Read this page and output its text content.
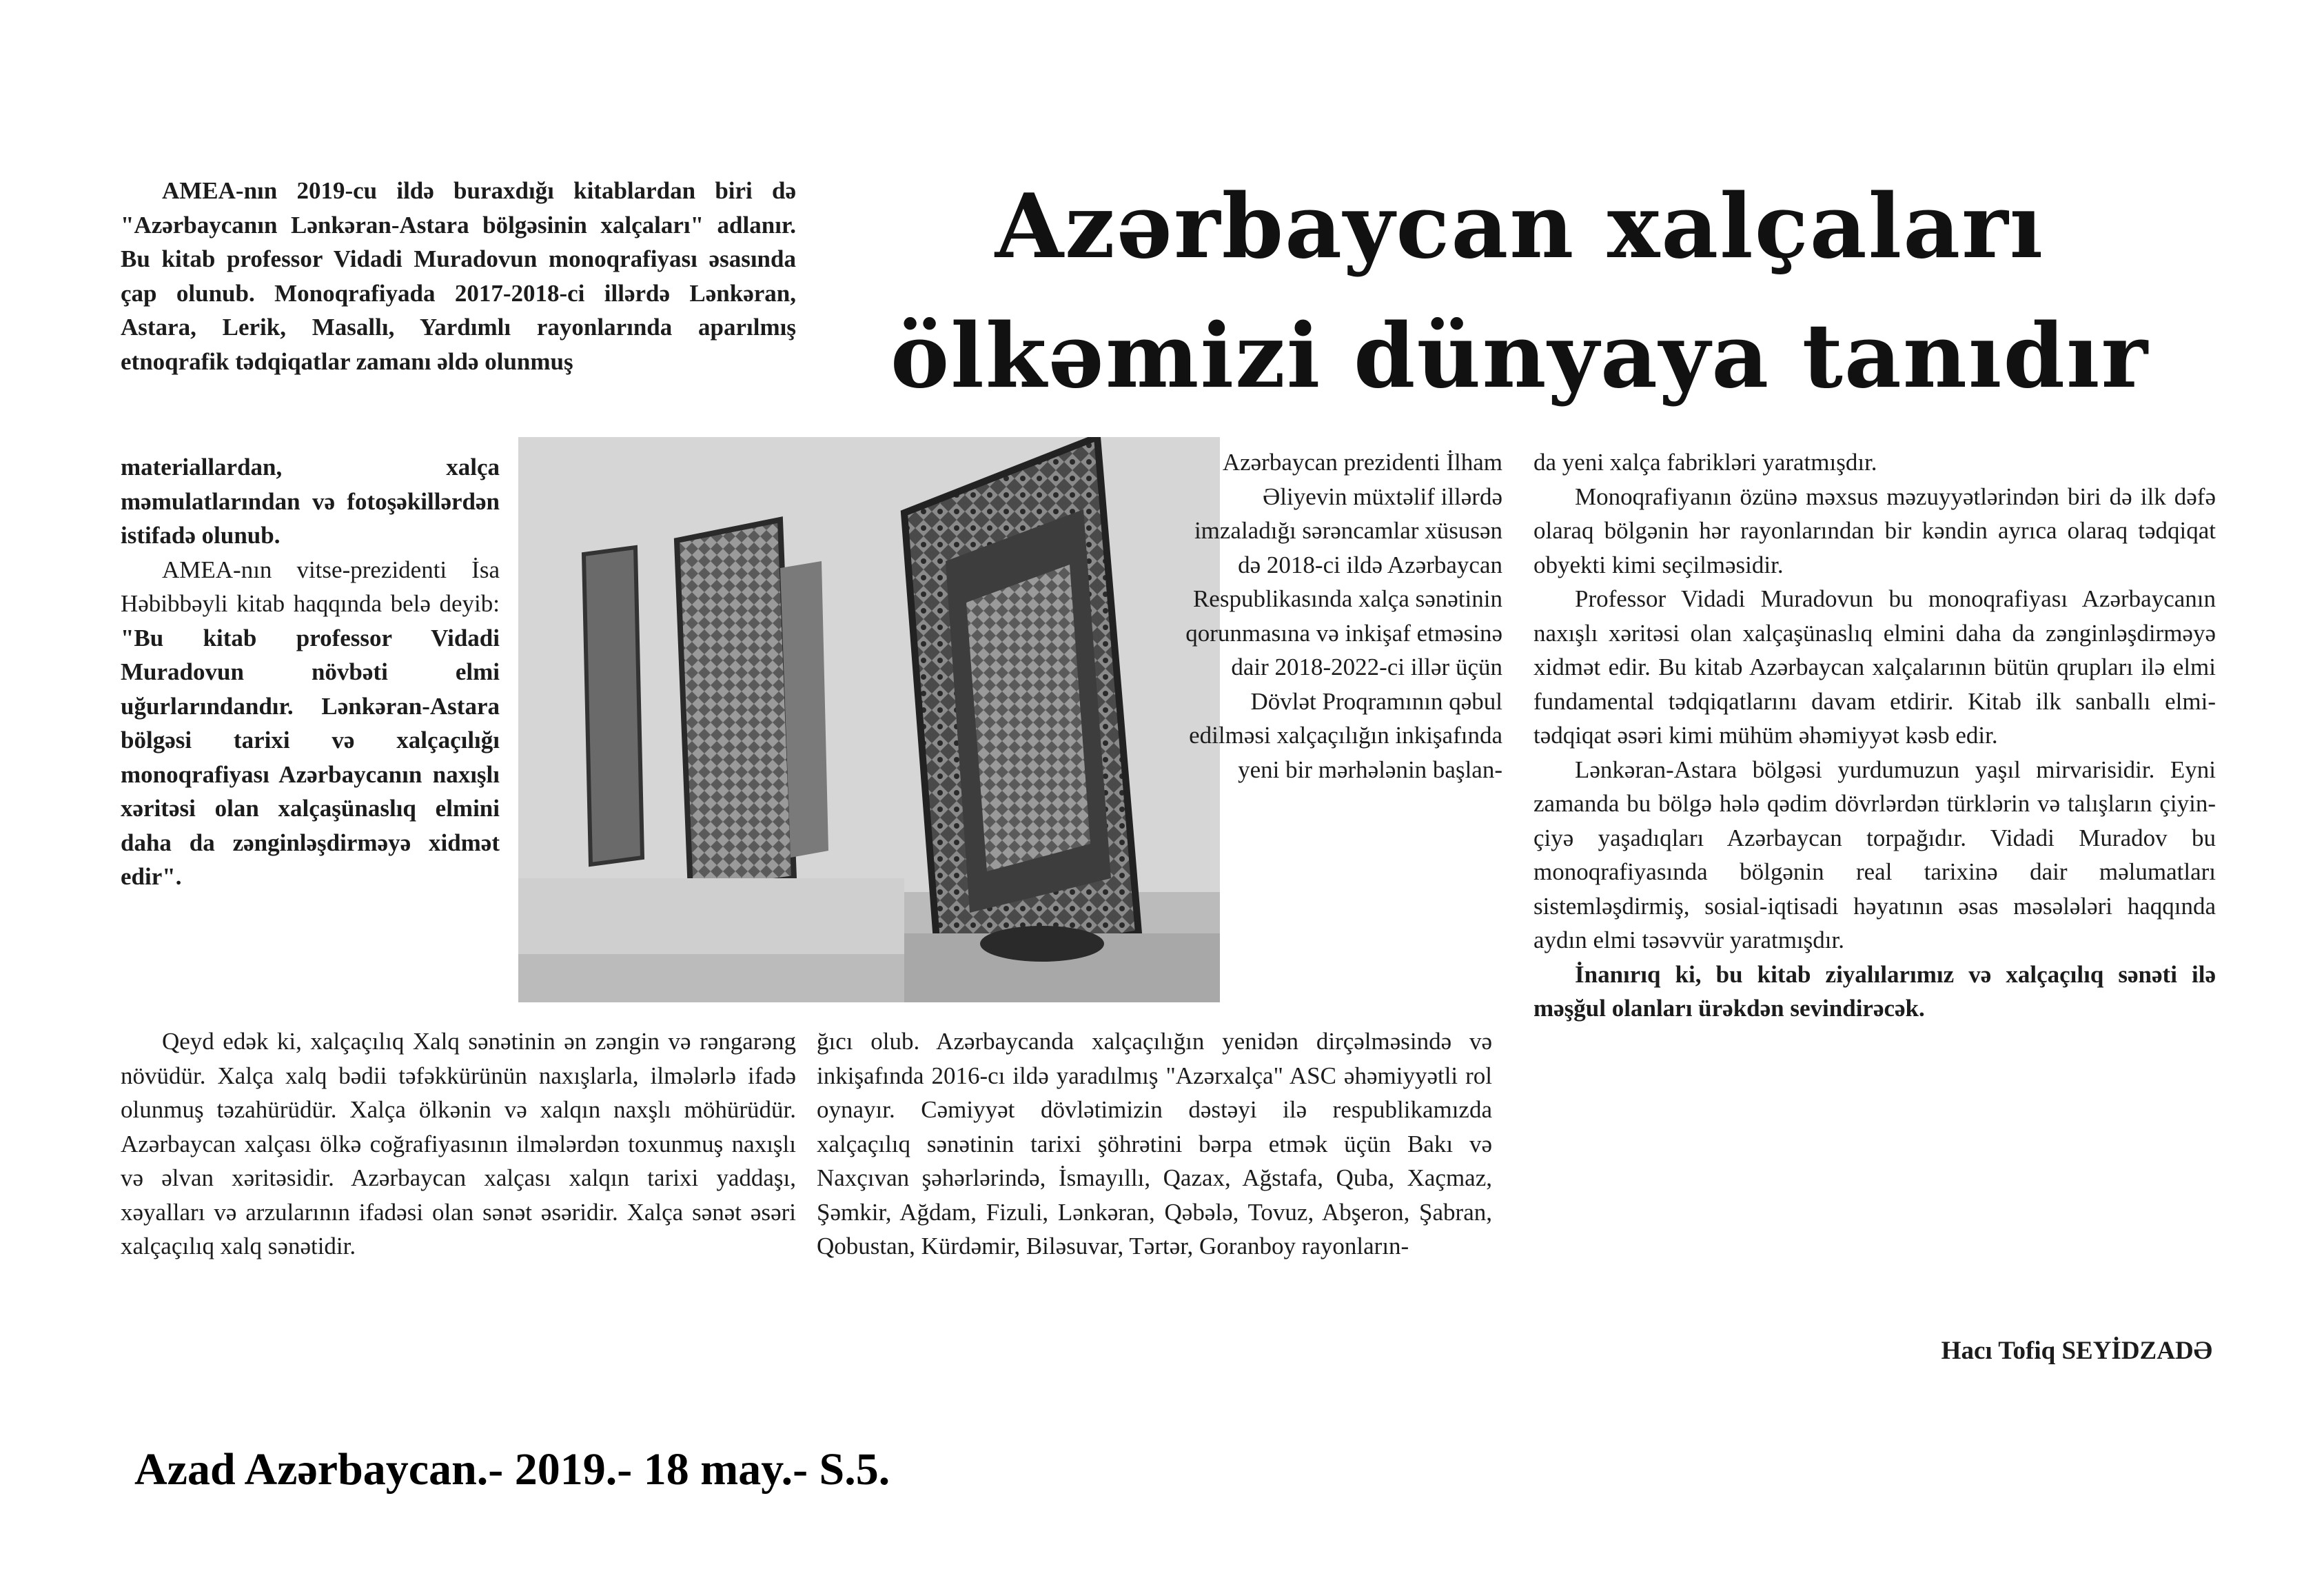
Azərbaycan xalçaları
ölkəmizi dünyaya tanıdır

AMEA-nın 2019-cu ildə buraxdığı kitablardan biri də "Azərbaycanın Lənkəran-Astara bölgəsinin xalçaları" adlanır. Bu kitab professor Vidadi Muradovun monoqrafiyası əsasında çap olunub. Monoqrafiyada 2017-2018-ci illərdə Lənkəran, Astara, Lerik, Masallı, Yardımlı rayonlarında aparılmış etnoqrafik tədqiqatlar zamanı əldə olunmuş

materiallardan, xalça məmulatlarından və fotoşəkillərdən istifadə olunub.

AMEA-nın vitse-prezidenti İsa Həbibbəyli kitab haqqında belə deyib: "Bu kitab professor Vidadi Muradovun növbəti elmi uğurlarındandır. Lənkəran-Astara bölgəsi tarixi və xalçaçılığı monoqrafiyası Azərbaycanın naxışlı xəritəsi olan xalçaşünaslıq elmini daha da zənginləşdirməyə xidmət edir".

Azərbaycan prezidenti İlham Əliyevin müxtəlif illərdə imzaladığı sərəncamlar xüsusən də 2018-ci ildə Azərbaycan Respublikasında xalça sənətinin qorunmasına və inkişaf etməsinə dair 2018-2022-ci illər üçün Dövlət Proqramının qəbul edilməsi xalçaçılığın inkişafında yeni bir mərhələnin başlan-

Qeyd edək ki, xalçaçılıq Xalq sənətinin ən zəngin və rəngarəng növüdür. Xalça xalq bədii təfəkkürünün naxışlarla, ilmələrlə ifadə olunmuş təzahürüdür. Xalça ölkənin və xalqın naxşlı möhürüdür. Azərbaycan xalçası ölkə coğrafiyasının ilmələrdən toxunmuş naxışlı və əlvan xəritəsidir. Azərbaycan xalçası xalqın tarixi yaddaşı, xəyalları və arzularının ifadəsi olan sənət əsəridir. Xalça sənət əsəri xalçaçılıq xalq sənətidir.

ğıcı olub. Azərbaycanda xalçaçılığın yenidən dirçəlməsində və inkişafında 2016-cı ildə yaradılmış "Azərxalça" ASC əhəmiyyətli rol oynayır. Cəmiyyət dövlətimizin dəstəyi ilə respublikamızda xalçaçılıq sənətinin tarixi şöhrətini bərpa etmək üçün Bakı və Naxçıvan şəhərlərində, İsmayıllı, Qazax, Ağstafa, Quba, Xaçmaz, Şəmkir, Ağdam, Fizuli, Lənkəran, Qəbələ, Tovuz, Abşeron, Şabran, Qobustan, Kürdəmir, Biləsuvar, Tərtər, Goranboy rayonların-

da yeni xalça fabrikləri yaratmışdır.

Monoqrafiyanın özünə məxsus məzuyyətlərindən biri də ilk dəfə olaraq bölgənin hər rayonlarından bir kəndin ayrıca olaraq tədqiqat obyekti kimi seçilməsidir.

Professor Vidadi Muradovun bu monoqrafiyası Azərbaycanın naxışlı xəritəsi olan xalçaşünaslıq elmini daha da zənginləşdirməyə xidmət edir. Bu kitab Azərbaycan xalçalarının bütün qrupları ilə elmi fundamental tədqiqatlarını davam etdirir. Kitab ilk sanballı elmi-tədqiqat əsəri kimi mühüm əhəmiyyət kəsb edir.

Lənkəran-Astara bölgəsi yurdumuzun yaşıl mirvarisidir. Eyni zamanda bu bölgə hələ qədim dövrlərdən türklərin və talışların çiyin-çiyə yaşadıqları Azərbaycan torpağıdır. Vidadi Muradov bu monoqrafiyasında bölgənin real tarixinə dair məlumatları sistemləşdirmiş, sosial-iqtisadi həyatının əsas məsələləri haqqında aydın elmi təsəvvür yaratmışdır.

İnanırıq ki, bu kitab ziyalılarımız və xalçaçılıq sənəti ilə məşğul olanları ürəkdən sevindirəcək.

Hacı Tofiq SEYİDZADƏ

Azad Azərbaycan.- 2019.- 18 may.- S.5.
